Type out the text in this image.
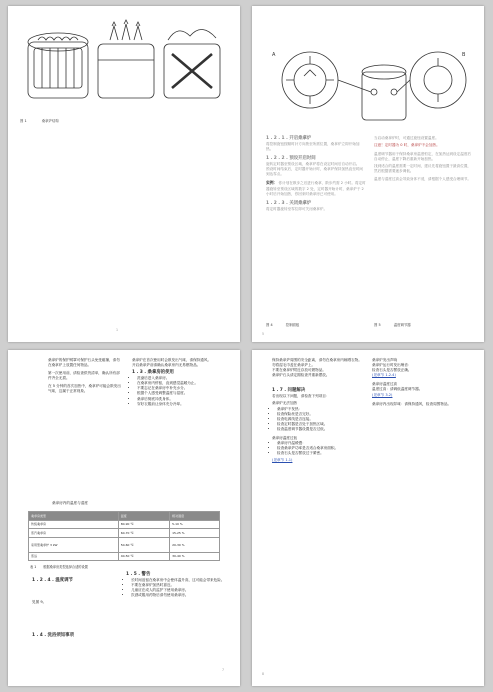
图 1	桑拿炉结构
1
A	B
1 . 2 . 1 . 开启桑拿炉
将控制旋钮按顺时针方向拨至所需位置，桑拿炉立即开始加热。
1 . 2 . 2 . 预设开启时间
旋转定时器至预设区域，桑拿炉将在设定时间后自动开启。
预设时间结束后，定时器开始计时，桑拿炉保持加热直至时间到达零点。
实例： 你计划在散步之后进行桑拿，散步约需 2 小时。将定时器旋转至预设区域的数字 2 处，定时器开始计时，桑拿炉于 2 小时后开始加热，你回来时桑拿房已可使用。
1 . 2 . 3 . 关闭桑拿炉
将定时器旋转至零位即可关闭桑拿炉。
当启动桑拿炉时，可通过旋钮设置温度。
注意！定时器为 0 时，桑拿炉不会加热。
温度调节器用于保持桑拿房温度恒定，在加热达到设定温度后自动停止，温度下降后重新开始加热。
找到适合的温度需要一定时间，建议先将旋钮置于最高位置，然后根据需要逐步调低。
温度与湿度过高会导致身体不适，请根据个人感受合理调节。
图 4	控制面板	图 5	温度调节器
5
桑拿炉的保护网罩可保护石头免受碰撞，请勿在桑拿炉上放置任何物品。
第一次使用前，请检查供货清单，确认所有部件齐全无损。
在 5 分钟的首次加热中，桑拿炉可能会散发出气味，这属于正常现象。
桑拿炉在首次使用时会散发出气味，请保持通风。
开启桑拿炉前请确认桑拿房内无易燃物品。
1 . 3 . 桑拿房的使用
• 洗澡后进入桑拿房。
• 在桑拿房内停留，直到感觉温暖为止。
• 不要忘记在桑拿房中补充水分。
• 根据个人感受调整温度与湿度。
• 桑拿后彻底冲洗身体。
• 穿好衣服前让身体充分冷却。
桑拿房内的温度与湿度
桑拿房类型	温度	相对湿度
传统桑拿房	80-90 ℃	5-10 %
蒸汽桑拿房	60-70 ℃	15-25 %
家用型桑拿炉 3 kW	50-60 ℃	20-30 %
蒸浴	40-50 ℃	30-40 %
表 1 根据桑拿房类型选择合适的设置
1 . 2 . 4 . 温度调节
见图 9。
1 . 4 . 洗浴须知事项
1 . 5 . 警告
• 长时间逗留在桑拿房中会使体温升高，这可能会带来危险。
• 不要在桑拿炉加热时靠近。
• 儿童应在成人的监护下使用桑拿房。
• 饮酒或服用药物后请勿使用桑拿房。
7
保持桑拿炉周围的安全距离，请勿在桑拿房内晾晒衣物。
勿将湿毛巾盖在桑拿炉上。
不要在桑拿炉附近存放可燃物品。
桑拿炉石头请定期检查并重新摆放。
1 . 7 . 问题解决
若出现以下问题，请检查下列项目：
桑拿炉无法加热
• 桑拿炉不发热：
• 检查保险丝是否完好。
• 检查电源线是否连接。
• 检查定时器是否处于加热区域。
• 检查温度调节器设置是否过低。
桑拿房温度过低
• 桑拿房升温缓慢：
• 检查桑拿炉功率是否适合桑拿房面积。
• 检查石头是否摆放过于紧密。
(见章节 1.1)
桑拿炉发出声响
桑拿炉运行时发出噪音：
检查石头是否摆放正确。
(见章节 1.2.4)
桑拿房温度过高
温度过高：请调低温度调节器。
(见章节 3.2)
桑拿房内出现异味：请保持通风，检查周围物品。
8
